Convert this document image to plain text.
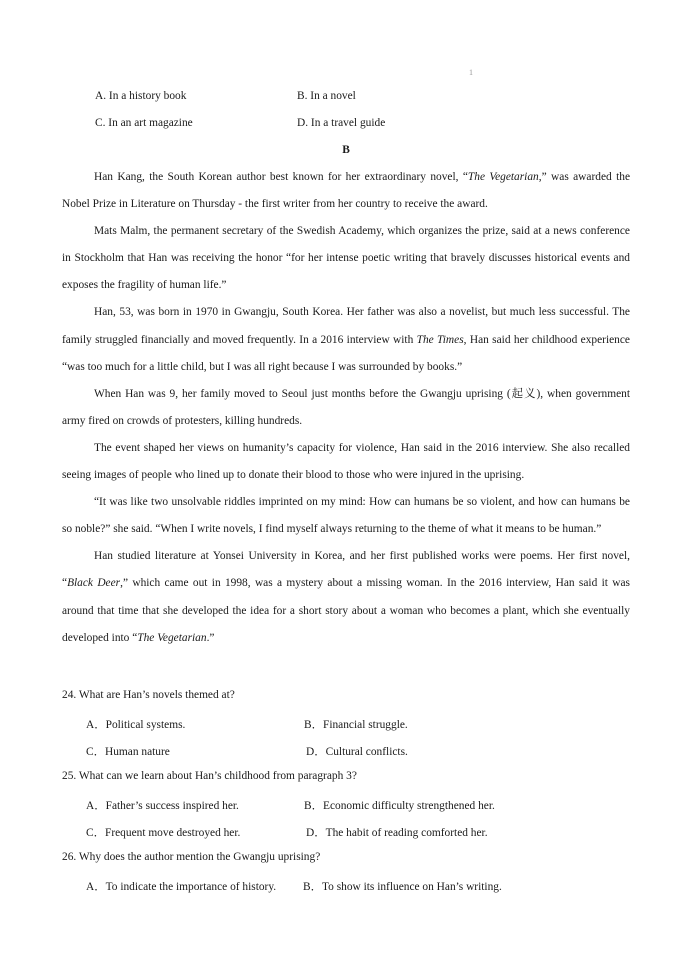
1
A. In a history book	B. In a novel
C. In an art magazine	D. In a travel guide
B

Han Kang, the South Korean author best known for her extraordinary novel, “The Vegetarian,” was awarded the Nobel Prize in Literature on Thursday - the first writer from her country to receive the award.

Mats Malm, the permanent secretary of the Swedish Academy, which organizes the prize, said at a news conference in Stockholm that Han was receiving the honor “for her intense poetic writing that bravely discusses historical events and exposes the fragility of human life.”

Han, 53, was born in 1970 in Gwangju, South Korea. Her father was also a novelist, but much less successful. The family struggled financially and moved frequently. In a 2016 interview with The Times, Han said her childhood experience “was too much for a little child, but I was all right because I was surrounded by books.”

When Han was 9, her family moved to Seoul just months before the Gwangju uprising (起义), when government army fired on crowds of protesters, killing hundreds.

The event shaped her views on humanity’s capacity for violence, Han said in the 2016 interview. She also recalled seeing images of people who lined up to donate their blood to those who were injured in the uprising.

“It was like two unsolvable riddles imprinted on my mind: How can humans be so violent, and how can humans be so noble?” she said. “When I write novels, I find myself always returning to the theme of what it means to be human.”

Han studied literature at Yonsei University in Korea, and her first published works were poems. Her first novel, “Black Deer,” which came out in 1998, was a mystery about a missing woman. In the 2016 interview, Han said it was around that time that she developed the idea for a short story about a woman who becomes a plant, which she eventually developed into “The Vegetarian.”

24. What are Han’s novels themed at?
A．Political systems.	B．Financial struggle.
C．Human nature	D．Cultural conflicts.
25. What can we learn about Han’s childhood from paragraph 3?
A．Father’s success inspired her.	B．Economic difficulty strengthened her.
C．Frequent move destroyed her.	D．The habit of reading comforted her.
26. Why does the author mention the Gwangju uprising?
A．To indicate the importance of history. B．To show its influence on Han’s writing.
